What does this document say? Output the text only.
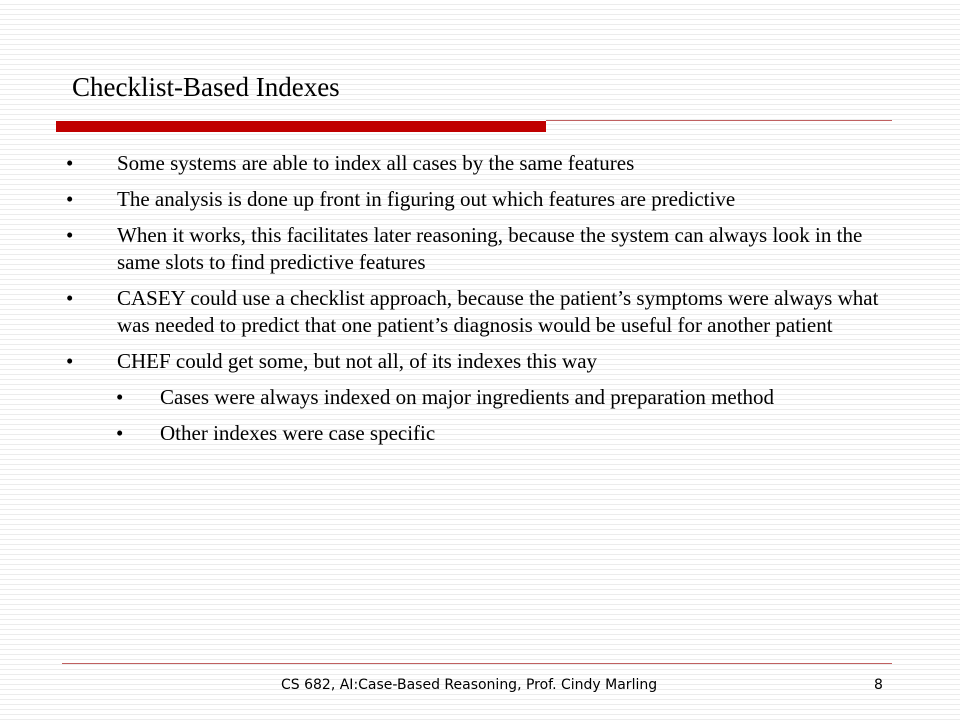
Checklist-Based Indexes
• Some systems are able to index all cases by the same features
• The analysis is done up front in figuring out which features are predictive
• When it works, this facilitates later reasoning, because the system can always look in the same slots to find predictive features
• CASEY could use a checklist approach, because the patient’s symptoms were always what was needed to predict that one patient’s diagnosis would be useful for another patient
• CHEF could get some, but not all, of its indexes this way
• Cases were always indexed on major ingredients and preparation method
• Other indexes were case specific
CS 682, AI:Case-Based Reasoning, Prof. Cindy Marling	8
